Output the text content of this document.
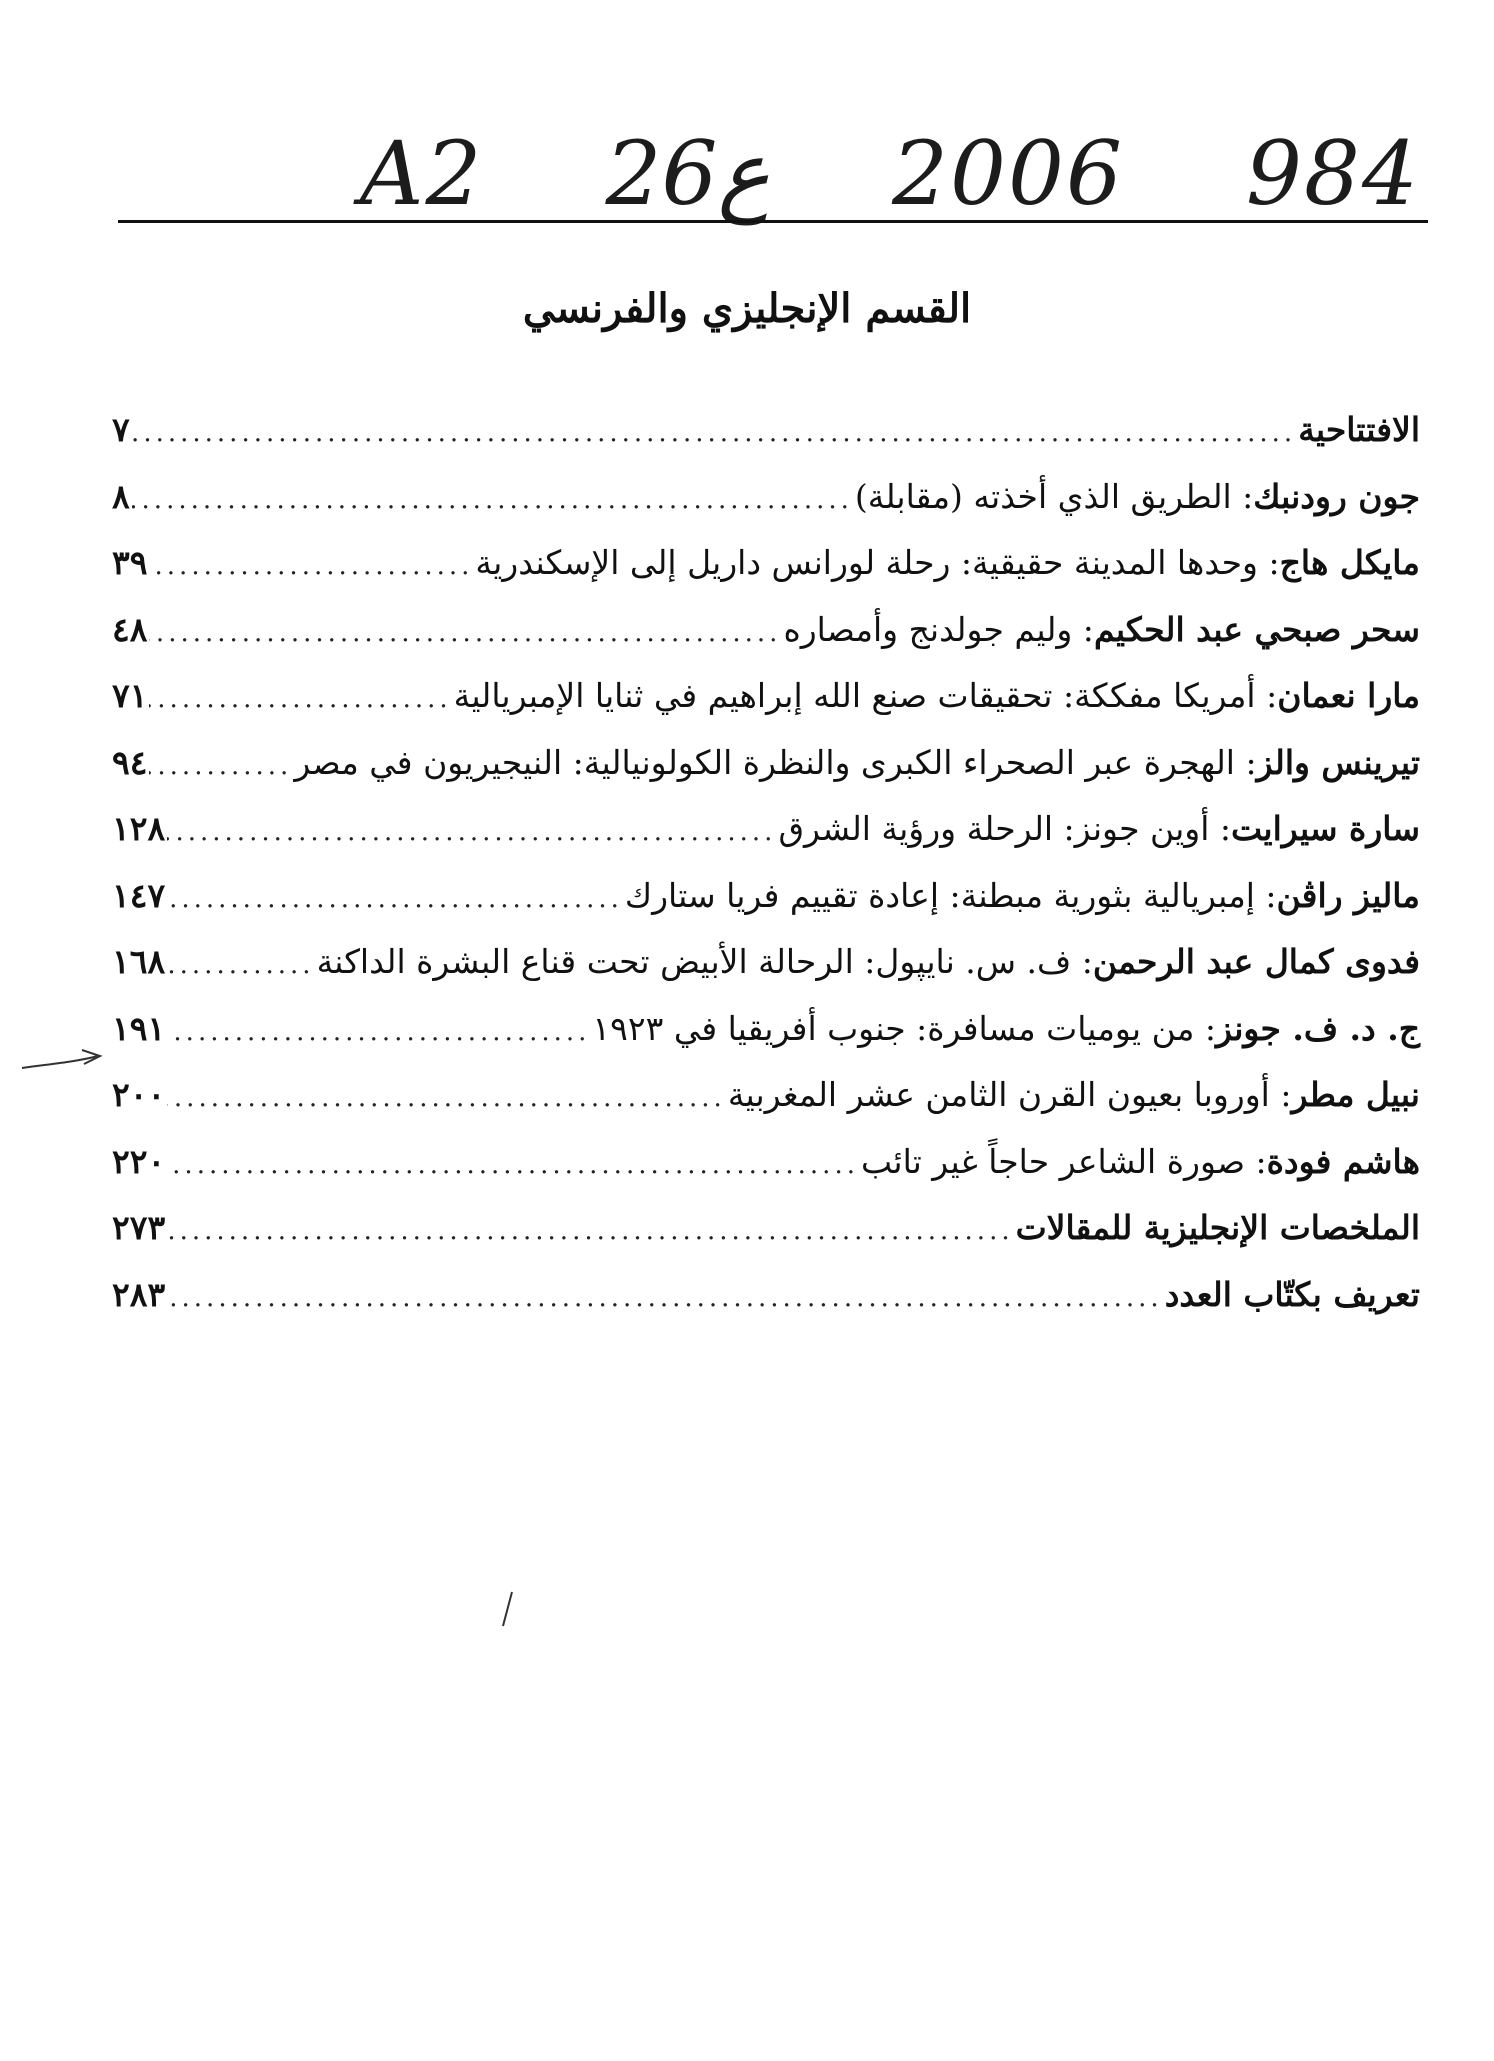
A2 26ع 2006 984
القسم الإنجليزي والفرنسي
الافتتاحية
.....
٧
جون رودنبك: الطريق الذي أخذته (مقابلة)
.....
٨
مايكل هاج: وحدها المدينة حقيقية: رحلة لورانس داريل إلى الإسكندرية
.....
٣٩
سحر صبحي عبد الحكيم: وليم جولدنج وأمصاره
.....
٤٨
مارا نعمان: أمريكا مفككة: تحقيقات صنع الله إبراهيم في ثنايا الإمبريالية
.....
٧١
تيرينس والز: الهجرة عبر الصحراء الكبرى والنظرة الكولونيالية: النيجيريون في مصر
.....
٩٤
سارة سيرايت: أوين جونز: الرحلة ورؤية الشرق
.....
١٢٨
ماليز راڤن: إمبريالية بثورية مبطنة: إعادة تقييم فريا ستارك
.....
١٤٧
فدوى كمال عبد الرحمن: ف. س. نايپول: الرحالة الأبيض تحت قناع البشرة الداكنة
.....
١٦٨
ج. د. ف. جونز: من يوميات مسافرة: جنوب أفريقيا في ١٩٢٣
.....
١٩١
نبيل مطر: أوروبا بعيون القرن الثامن عشر المغربية
.....
٢٠٠
هاشم فودة: صورة الشاعر حاجاً غير تائب
.....
٢٢٠
الملخصات الإنجليزية للمقالات
.....
٢٧٣
تعريف بكتّاب العدد
.....
٢٨٣
